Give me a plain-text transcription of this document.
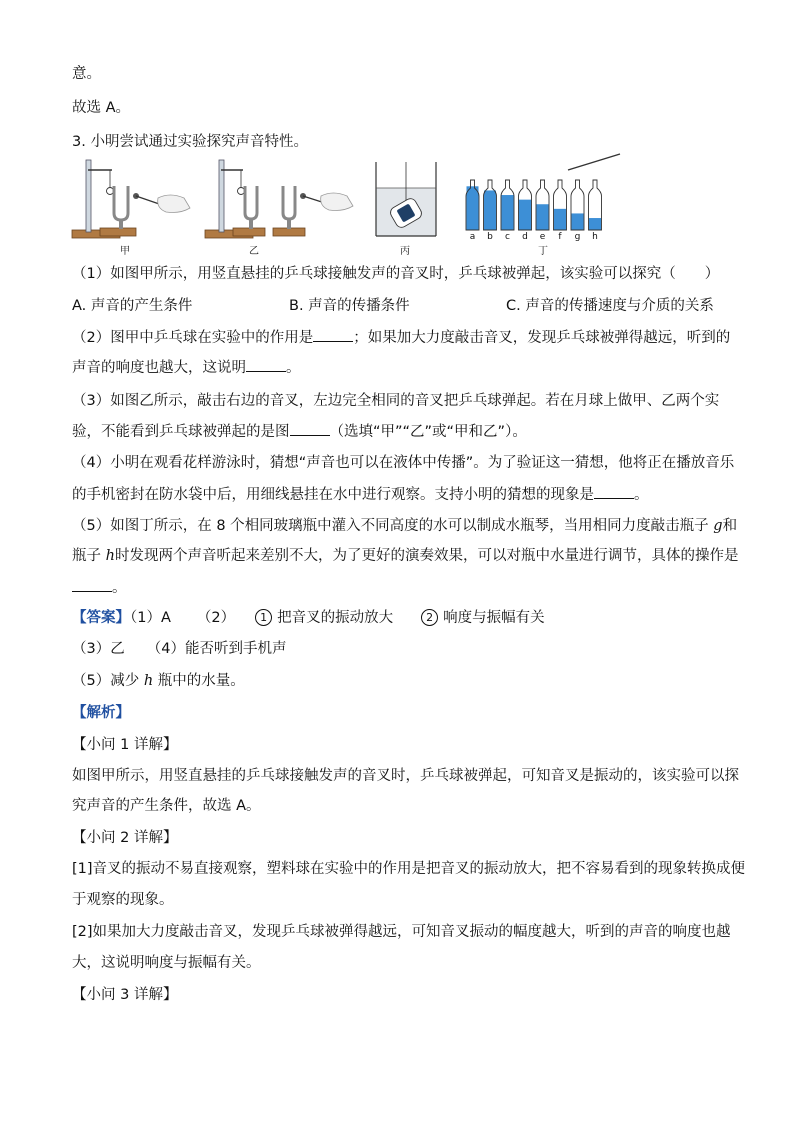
意。
故选 A。
3. 小明尝试通过实验探究声音特性。
甲	乙	丙
a b c d e	f	g h
丁
（1）如图甲所示，用竖直悬挂的乒乓球接触发声的音叉时，乒乓球被弹起，该实验可以探究（　　）
A. 声音的产生条件	B. 声音的传播条件	C. 声音的传播速度与介质的关系
（2）图甲中乒乓球在实验中的作用是	；如果加大力度敲击音叉，发现乒乓球被弹得越远，听到的
声音的响度也越大，这说明	。
（3）如图乙所示，敲击右边的音叉，左边完全相同的音叉把乒乓球弹起。若在月球上做甲、乙两个实
验，不能看到乒乓球被弹起的是图	（选填“甲”“乙”或“甲和乙”）。
（4）小明在观看花样游泳时，猜想“声音也可以在液体中传播”。为了验证这一猜想，他将正在播放音乐
的手机密封在防水袋中后，用细线悬挂在水中进行观察。支持小明的猜想的现象是	。
（5）如图丁所示，在 8 个相同玻璃瓶中灌入不同高度的水可以制成水瓶琴，当用相同力度敲击瓶子 g和
瓶子 h时发现两个声音听起来差别不大，为了更好的演奏效果，可以对瓶中水量进行调节，具体的操作是
。
【答案】（1）A （2） 1 把音叉的振动放大	2 响度与振幅有关
（3）乙 （4）能否听到手机声
（5）减少 h 瓶中的水量。
【解析】
【小问 1 详解】
如图甲所示，用竖直悬挂的乒乓球接触发声的音叉时，乒乓球被弹起，可知音叉是振动的，该实验可以探
究声音的产生条件，故选 A。
【小问 2 详解】
[1]音叉的振动不易直接观察，塑料球在实验中的作用是把音叉的振动放大，把不容易看到的现象转换成便
于观察的现象。
[2]如果加大力度敲击音叉，发现乒乓球被弹得越远，可知音叉振动的幅度越大，听到的声音的响度也越
大，这说明响度与振幅有关。
【小问 3 详解】
